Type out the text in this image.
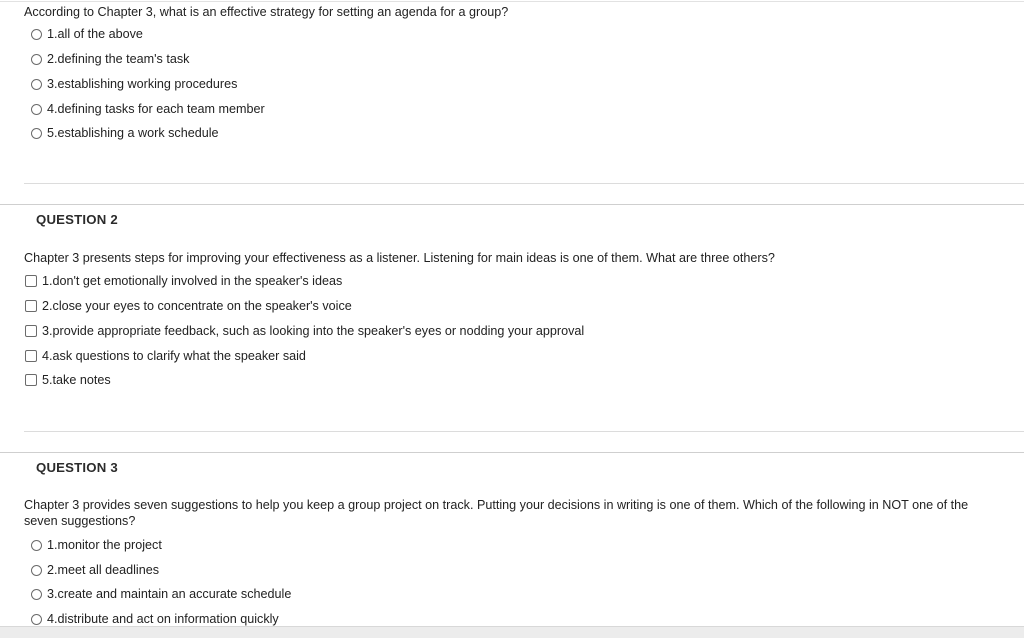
According to Chapter 3, what is an effective strategy for setting an agenda for a group?
1. all of the above
2. defining the team's task
3. establishing working procedures
4. defining tasks for each team member
5. establishing a work schedule
QUESTION 2
Chapter 3 presents steps for improving your effectiveness as a listener. Listening for main ideas is one of them. What are three others?
1. don't get emotionally involved in the speaker's ideas
2. close your eyes to concentrate on the speaker's voice
3. provide appropriate feedback, such as looking into the speaker's eyes or nodding your approval
4. ask questions to clarify what the speaker said
5. take notes
QUESTION 3
Chapter 3 provides seven suggestions to help you keep a group project on track. Putting your decisions in writing is one of them. Which of the following in NOT one of the seven suggestions?
1. monitor the project
2. meet all deadlines
3. create and maintain an accurate schedule
4. distribute and act on information quickly
